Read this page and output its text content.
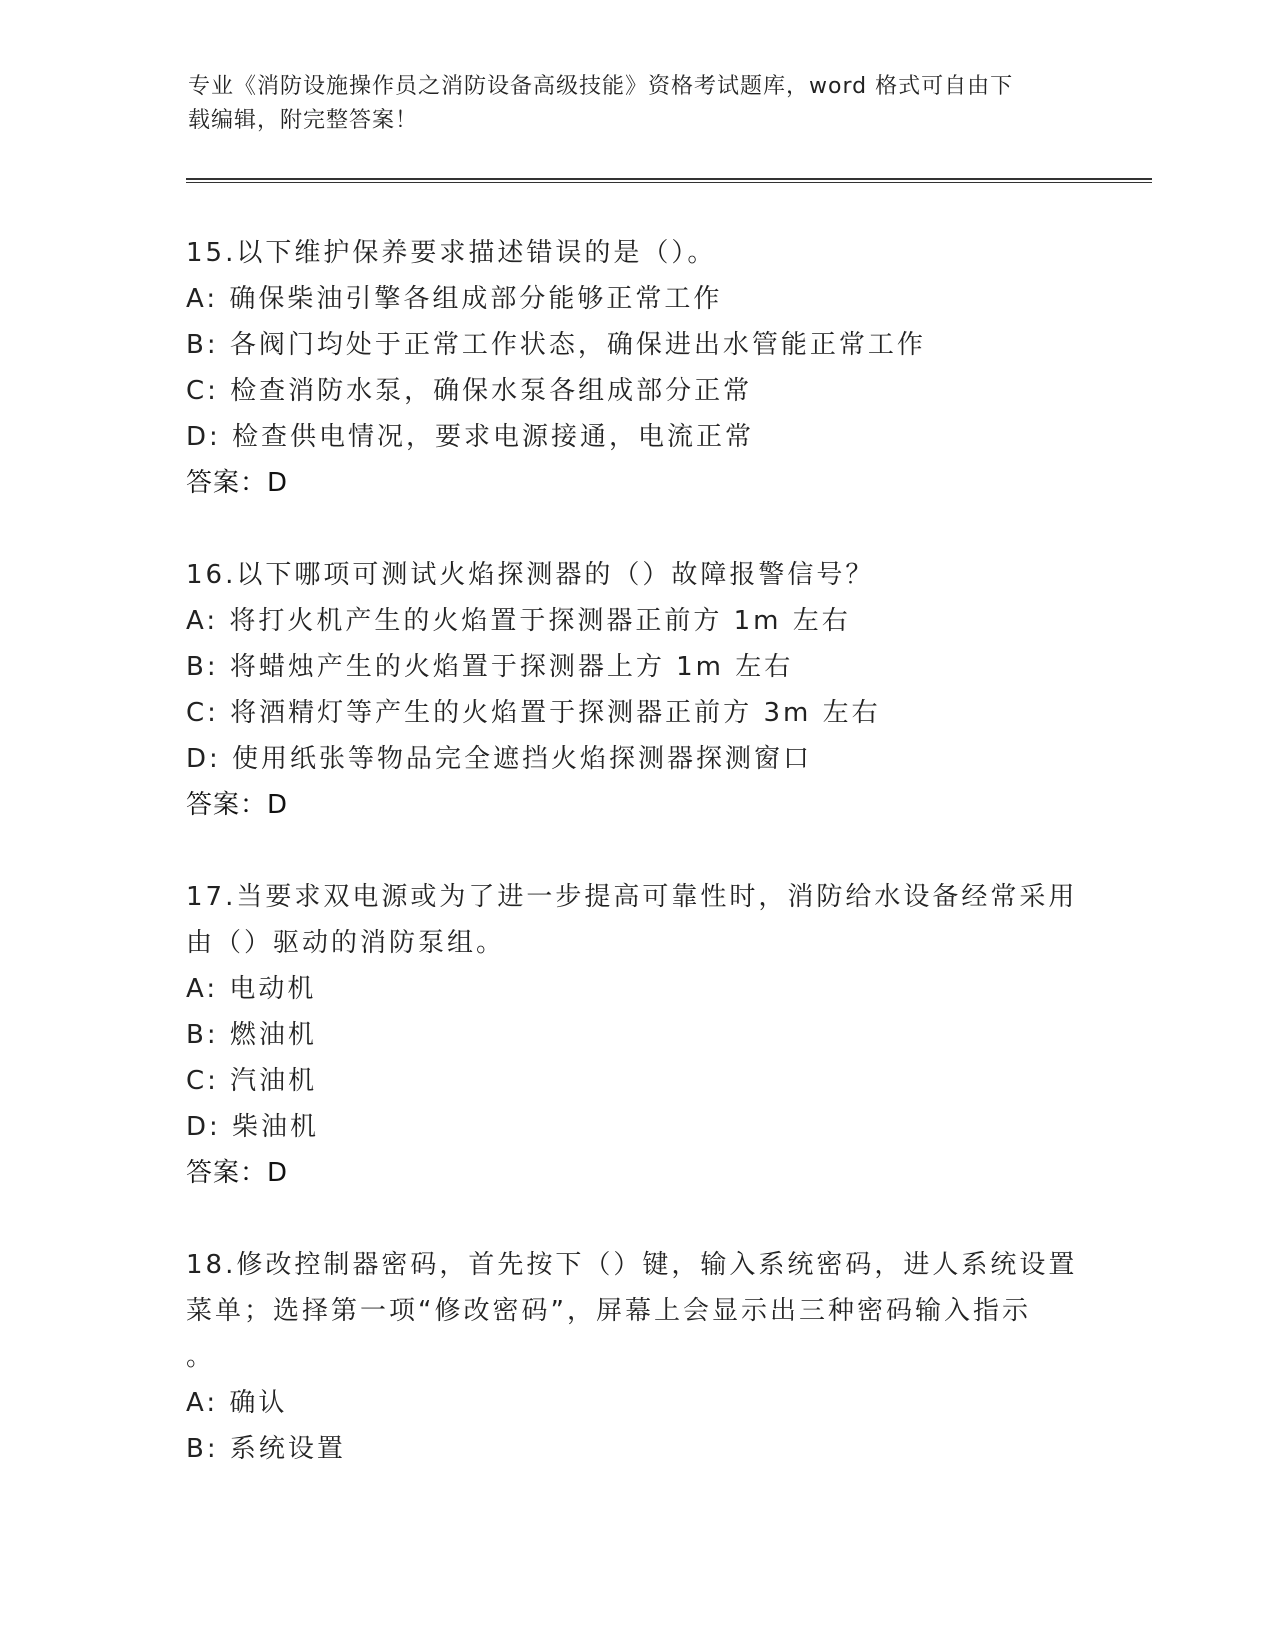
专业《消防设施操作员之消防设备高级技能》资格考试题库，word 格式可自由下
载编辑，附完整答案！
15.以下维护保养要求描述错误的是（）。
A: 确保柴油引擎各组成部分能够正常工作
B: 各阀门均处于正常工作状态，确保进出水管能正常工作
C: 检查消防水泵，确保水泵各组成部分正常
D: 检查供电情况，要求电源接通，电流正常
答案：D
16.以下哪项可测试火焰探测器的（）故障报警信号？
A: 将打火机产生的火焰置于探测器正前方 1m 左右
B: 将蜡烛产生的火焰置于探测器上方 1m 左右
C: 将酒精灯等产生的火焰置于探测器正前方 3m 左右
D: 使用纸张等物品完全遮挡火焰探测器探测窗口
答案：D
17.当要求双电源或为了进一步提高可靠性时，消防给水设备经常采用
由（）驱动的消防泵组。
A: 电动机
B: 燃油机
C: 汽油机
D: 柴油机
答案：D
18.修改控制器密码，首先按下（）键，输入系统密码，进人系统设置
菜单；选择第一项“修改密码”，屏幕上会显示出三种密码输入指示
。
A: 确认
B: 系统设置
